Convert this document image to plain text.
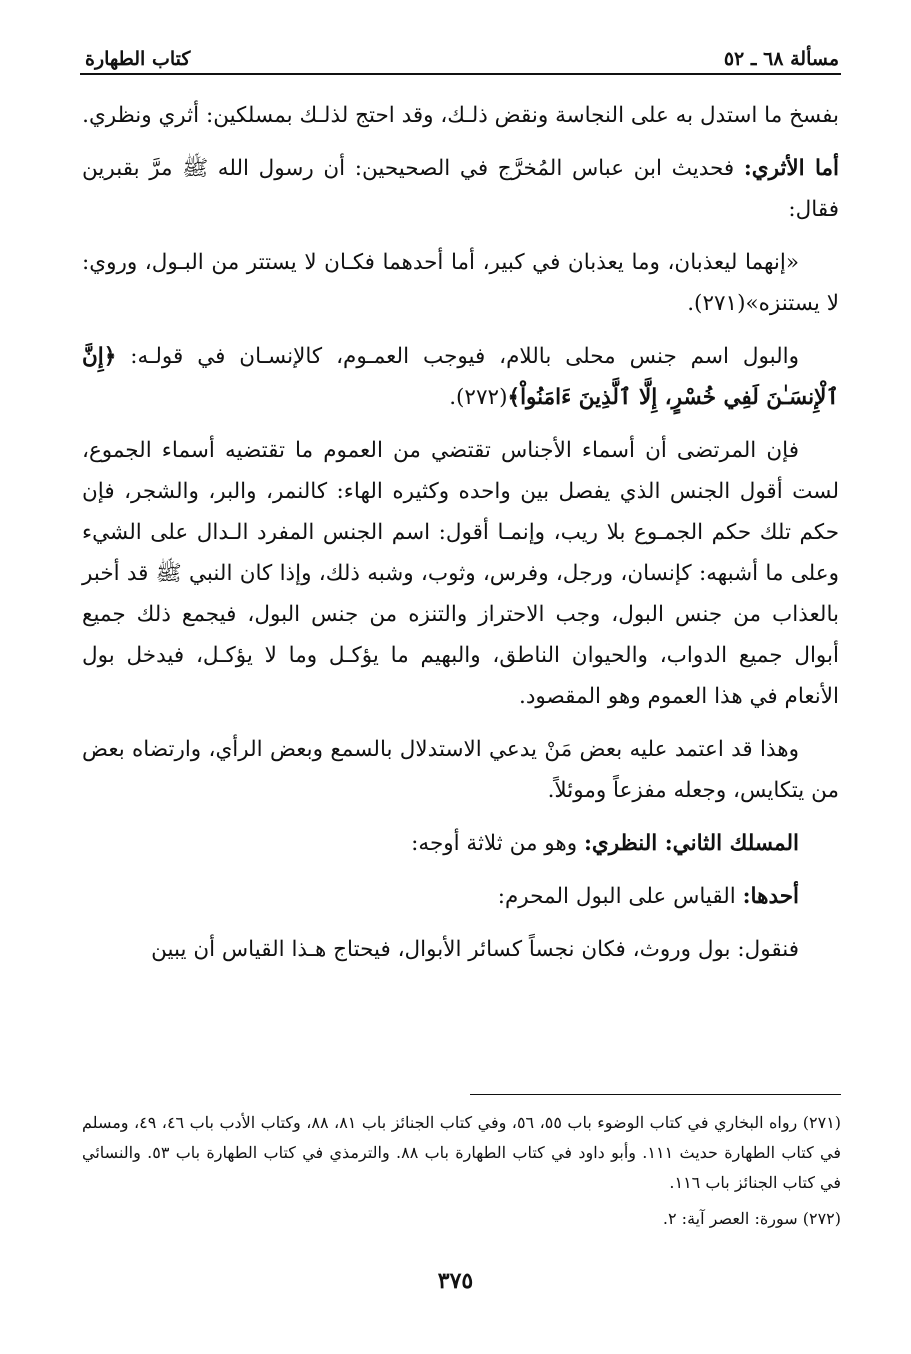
مسألة ٦٨ ـ ٥٢
كتاب الطهارة

بفسخ ما استدل به على النجاسة ونقض ذلـك، وقد احتج لذلـك بمسلكين: أثري ونظري.

أما الأثري: فحديث ابن عباس المُخرَّج في الصحيحين: أن رسول الله ﷺ مرَّ بقبرين فقال:

«إنهما ليعذبان، وما يعذبان في كبير، أما أحدهما فكـان لا يستتر من البـول، وروي: لا يستنزه»(٢٧١).

والبول اسم جنس محلى باللام، فيوجب العمـوم، كالإنسـان في قولـه: ﴿إِنَّ ٱلْإِنسَـٰنَ لَفِي خُسْرٍ، إِلَّا ٱلَّذِينَ ءَامَنُواْ﴾(٢٧٢).

فإن المرتضى أن أسماء الأجناس تقتضي من العموم ما تقتضيه أسماء الجموع، لست أقول الجنس الذي يفصل بين واحده وكثيره الهاء: كالنمر، والبر، والشجر، فإن حكم تلك حكم الجمـوع بلا ريب، وإنمـا أقول: اسم الجنس المفرد الـدال على الشيء وعلى ما أشبهه: كإنسان، ورجل، وفرس، وثوب، وشبه ذلك، وإذا كان النبي ﷺ قد أخبر بالعذاب من جنس البول، وجب الاحتراز والتنزه من جنس البول، فيجمع ذلك جميع أبوال جميع الدواب، والحيوان الناطق، والبهيم ما يؤكـل وما لا يؤكـل، فيدخل بول الأنعام في هذا العموم وهو المقصود.

وهذا قد اعتمد عليه بعض مَنْ يدعي الاستدلال بالسمع وبعض الرأي، وارتضاه بعض من يتكايس، وجعله مفزعاً وموئلاً.

المسلك الثاني: النظري: وهو من ثلاثة أوجه:

أحدها: القياس على البول المحرم:

فنقول: بول وروث، فكان نجساً كسائر الأبوال، فيحتاج هـذا القياس أن يبين

(٢٧١) رواه البخاري في كتاب الوضوء باب ٥٥، ٥٦، وفي كتاب الجنائز باب ٨١، ٨٨، وكتاب الأدب باب ٤٦، ٤٩، ومسلم في كتاب الطهارة حديث ١١١. وأبو داود في كتاب الطهارة باب ٨٨. والترمذي في كتاب الطهارة باب ٥٣. والنسائي في كتاب الجنائز باب ١١٦.

(٢٧٢) سورة: العصر آية: ٢.

٣٧٥
